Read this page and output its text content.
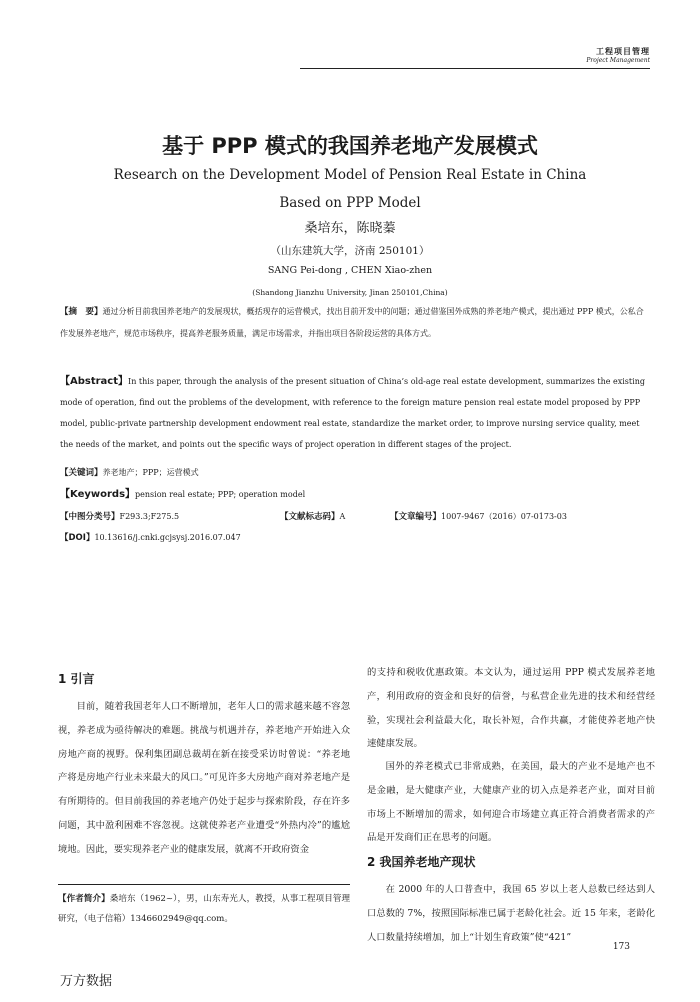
工程项目管理
Project Management
基于 PPP 模式的我国养老地产发展模式
Research on the Development Model of Pension Real Estate in China Based on PPP Model
桑培东，陈晓蓁
（山东建筑大学，济南 250101）
SANG Pei-dong , CHEN Xiao-zhen
(Shandong Jianzhu University, Jinan 250101,China)
【摘　要】通过分析目前我国养老地产的发展现状，概括现存的运营模式，找出目前开发中的问题；通过借鉴国外成熟的养老地产模式，提出通过 PPP 模式，公私合作发展养老地产，规范市场秩序，提高养老服务质量，满足市场需求，并指出项目各阶段运营的具体方式。
【Abstract】In this paper, through the analysis of the present situation of China’s old-age real estate development, summarizes the existing mode of operation, find out the problems of the development, with reference to the foreign mature pension real estate model proposed by PPP model, public-private partnership development endowment real estate, standardize the market order, to improve nursing service quality, meet the needs of the market, and points out the specific ways of project operation in different stages of the project.
【关键词】养老地产；PPP；运营模式
【Keywords】pension real estate; PPP; operation model
【中图分类号】F293.3;F275.5	【文献标志码】A	【文章编号】1007-9467（2016）07-0173-03
【DOI】10.13616/j.cnki.gcjsysj.2016.07.047
1 引言
目前，随着我国老年人口不断增加，老年人口的需求越来越不容忽视，养老成为亟待解决的难题。挑战与机遇并存，养老地产开始进入众房地产商的视野。保利集团副总裁胡在新在接受采访时曾说：“养老地产将是房地产行业未来最大的风口。”可见许多大房地产商对养老地产是有所期待的。但目前我国的养老地产仍处于起步与探索阶段，存在许多问题，其中盈利困难不容忽视。这就使养老产业遭受“外热内冷”的尴尬境地。因此，要实现养老产业的健康发展，就离不开政府资金
【作者简介】桑培东（1962~），男，山东寿光人，教授，从事工程项目管理研究，（电子信箱）1346602949@qq.com。
的支持和税收优惠政策。本文认为，通过运用 PPP 模式发展养老地产，利用政府的资金和良好的信誉，与私营企业先进的技术和经营经验，实现社会利益最大化，取长补短，合作共赢，才能使养老地产快速健康发展。
国外的养老模式已非常成熟，在美国，最大的产业不是地产也不是金融，是大健康产业，大健康产业的切入点是养老产业，面对目前市场上不断增加的需求，如何迎合市场建立真正符合消费者需求的产品是开发商们正在思考的问题。
2 我国养老地产现状
在 2000 年的人口普查中，我国 65 岁以上老人总数已经达到人口总数的 7%，按照国际标准已属于老龄化社会。近 15 年来，老龄化人口数量持续增加，加上“计划生育政策”使“421”
173
万方数据
